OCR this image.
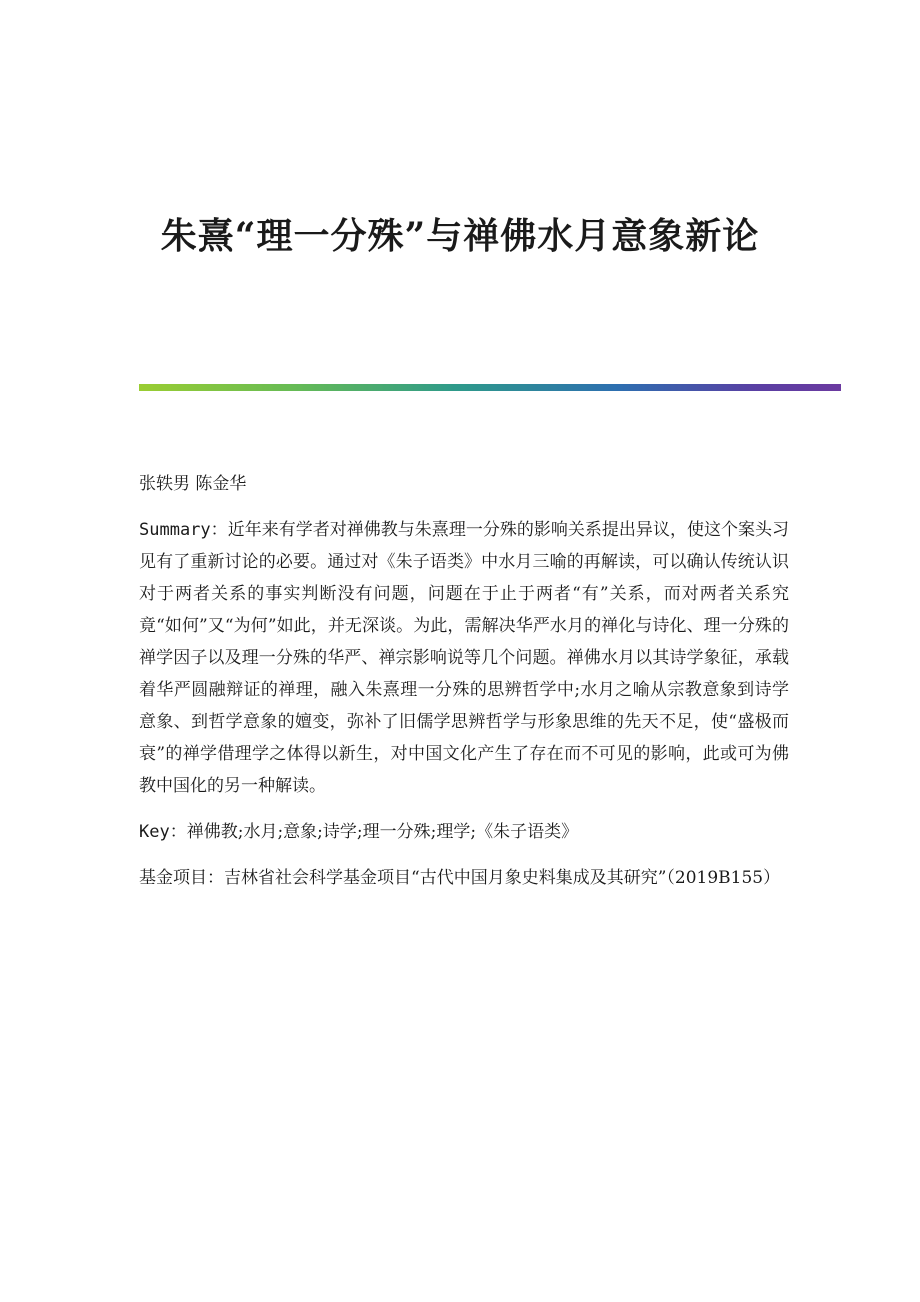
朱熹“理一分殊”与禅佛水月意象新论

张轶男 陈金华

Summary：近年来有学者对禅佛教与朱熹理一分殊的影响关系提出异议，使这个案头习见有了重新讨论的必要。通过对《朱子语类》中水月三喻的再解读，可以确认传统认识对于两者关系的事实判断没有问题，问题在于止于两者“有”关系，而对两者关系究竟“如何”又“为何”如此，并无深谈。为此，需解决华严水月的禅化与诗化、理一分殊的禅学因子以及理一分殊的华严、禅宗影响说等几个问题。禅佛水月以其诗学象征，承载着华严圆融辩证的禅理，融入朱熹理一分殊的思辨哲学中;水月之喻从宗教意象到诗学意象、到哲学意象的嬗变，弥补了旧儒学思辨哲学与形象思维的先天不足，使“盛极而衰”的禅学借理学之体得以新生，对中国文化产生了存在而不可见的影响，此或可为佛教中国化的另一种解读。

Key：禅佛教;水月;意象;诗学;理一分殊;理学;《朱子语类》

基金项目：吉林省社会科学基金项目“古代中国月象史料集成及其研究”（2019B155）
